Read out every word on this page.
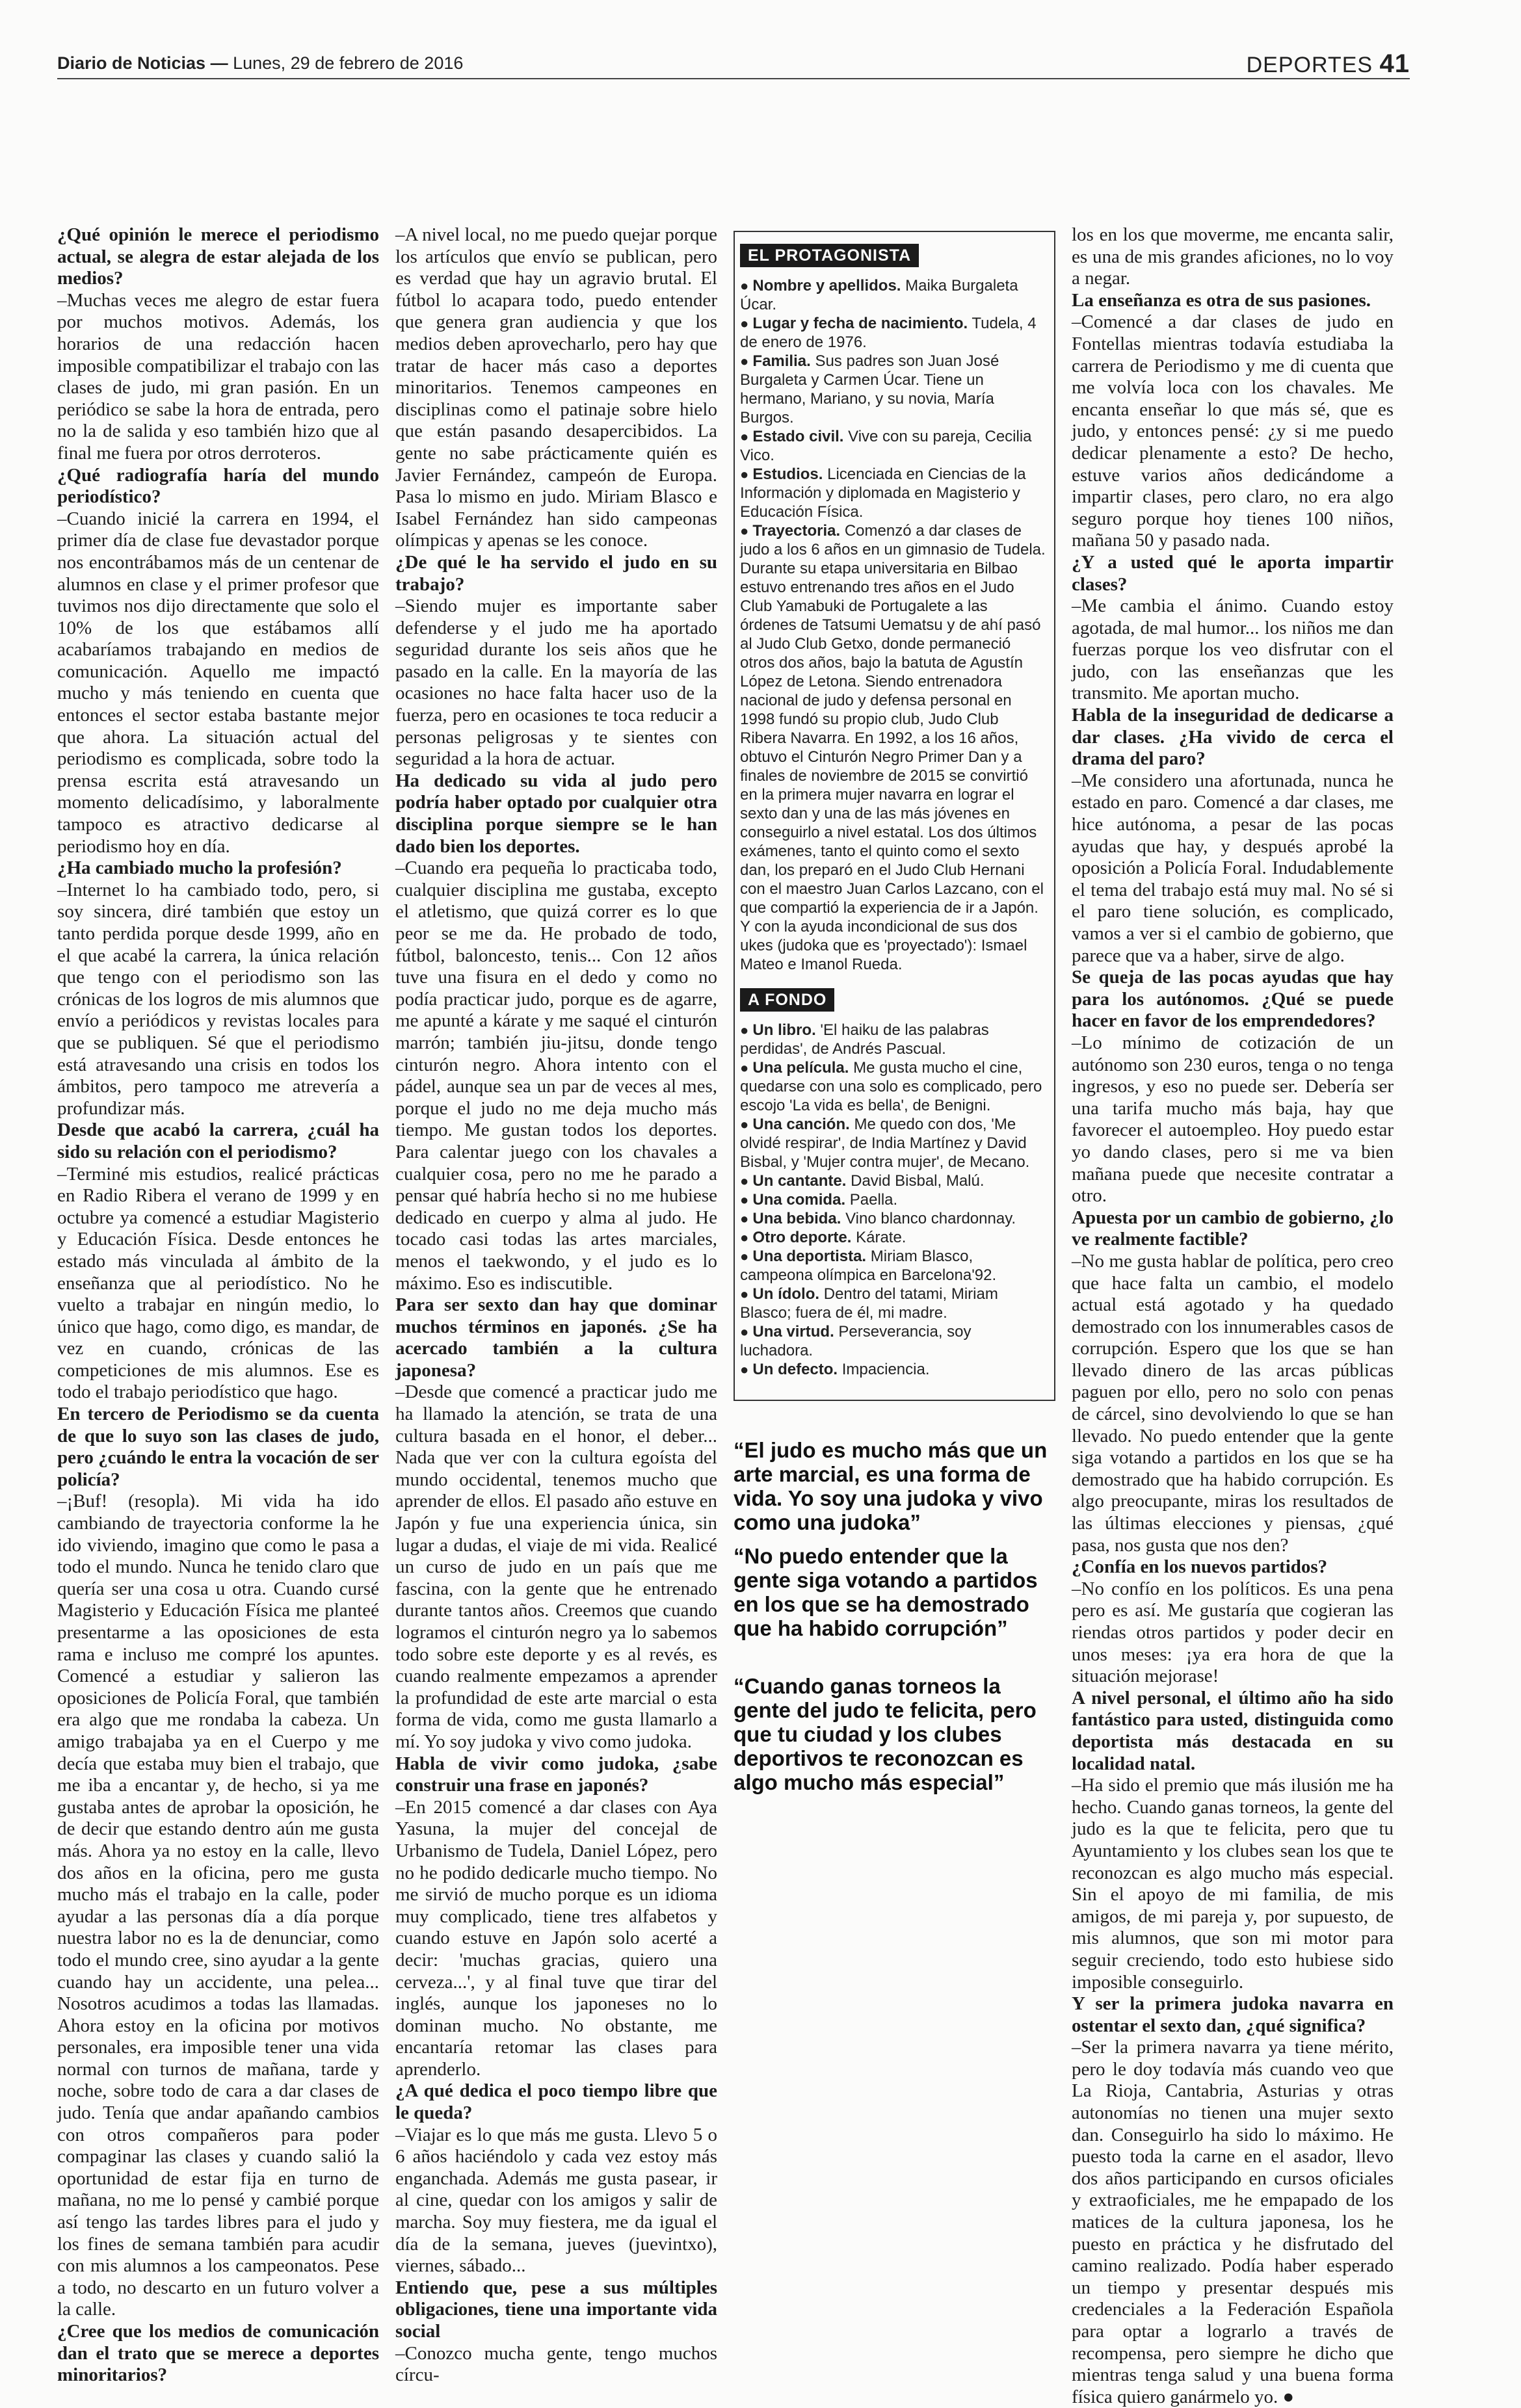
Diario de Noticias — Lunes, 29 de febrero de 2016	DEPORTES 41

¿Qué opinión le merece el periodismo actual, se alegra de estar alejada de los medios?

–Muchas veces me alegro de estar fuera por muchos motivos. Además, los horarios de una redacción hacen imposible compatibilizar el trabajo con las clases de judo, mi gran pasión. En un periódico se sabe la hora de entrada, pero no la de salida y eso también hizo que al final me fuera por otros derroteros.

¿Qué radiografía haría del mundo periodístico?

–Cuando inicié la carrera en 1994, el primer día de clase fue devastador porque nos encontrábamos más de un centenar de alumnos en clase y el primer profesor que tuvimos nos dijo directamente que solo el 10% de los que estábamos allí acabaríamos trabajando en medios de comunicación. Aquello me impactó mucho y más teniendo en cuenta que entonces el sector estaba bastante mejor que ahora. La situación actual del periodismo es complicada, sobre todo la prensa escrita está atravesando un momento delicadísimo, y laboralmente tampoco es atractivo dedicarse al periodismo hoy en día.

¿Ha cambiado mucho la profesión?

–Internet lo ha cambiado todo, pero, si soy sincera, diré también que estoy un tanto perdida porque desde 1999, año en el que acabé la carrera, la única relación que tengo con el periodismo son las crónicas de los logros de mis alumnos que envío a periódicos y revistas locales para que se publiquen. Sé que el periodismo está atravesando una crisis en todos los ámbitos, pero tampoco me atrevería a profundizar más.

Desde que acabó la carrera, ¿cuál ha sido su relación con el periodismo?

–Terminé mis estudios, realicé prácticas en Radio Ribera el verano de 1999 y en octubre ya comencé a estudiar Magisterio y Educación Física. Desde entonces he estado más vinculada al ámbito de la enseñanza que al periodístico. No he vuelto a trabajar en ningún medio, lo único que hago, como digo, es mandar, de vez en cuando, crónicas de las competiciones de mis alumnos. Ese es todo el trabajo periodístico que hago.

En tercero de Periodismo se da cuenta de que lo suyo son las clases de judo, pero ¿cuándo le entra la vocación de ser policía?

–¡Buf! (resopla). Mi vida ha ido cambiando de trayectoria conforme la he ido viviendo, imagino que como le pasa a todo el mundo. Nunca he tenido claro que quería ser una cosa u otra. Cuando cursé Magisterio y Educación Física me planteé presentarme a las oposiciones de esta rama e incluso me compré los apuntes. Comencé a estudiar y salieron las oposiciones de Policía Foral, que también era algo que me rondaba la cabeza. Un amigo trabajaba ya en el Cuerpo y me decía que estaba muy bien el trabajo, que me iba a encantar y, de hecho, si ya me gustaba antes de aprobar la oposición, he de decir que estando dentro aún me gusta más. Ahora ya no estoy en la calle, llevo dos años en la oficina, pero me gusta mucho más el trabajo en la calle, poder ayudar a las personas día a día porque nuestra labor no es la de denunciar, como todo el mundo cree, sino ayudar a la gente cuando hay un accidente, una pelea... Nosotros acudimos a todas las llamadas. Ahora estoy en la oficina por motivos personales, era imposible tener una vida normal con turnos de mañana, tarde y noche, sobre todo de cara a dar clases de judo. Tenía que andar apañando cambios con otros compañeros para poder compaginar las clases y cuando salió la oportunidad de estar fija en turno de mañana, no me lo pensé y cambié porque así tengo las tardes libres para el judo y los fines de semana también para acudir con mis alumnos a los campeonatos. Pese a todo, no descarto en un futuro volver a la calle.

¿Cree que los medios de comunicación dan el trato que se merece a deportes minoritarios?

–A nivel local, no me puedo quejar porque los artículos que envío se publican, pero es verdad que hay un agravio brutal. El fútbol lo acapara todo, puedo entender que genera gran audiencia y que los medios deben aprovecharlo, pero hay que tratar de hacer más caso a deportes minoritarios. Tenemos campeones en disciplinas como el patinaje sobre hielo que están pasando desapercibidos. La gente no sabe prácticamente quién es Javier Fernández, campeón de Europa. Pasa lo mismo en judo. Miriam Blasco e Isabel Fernández han sido campeonas olímpicas y apenas se les conoce.

¿De qué le ha servido el judo en su trabajo?

–Siendo mujer es importante saber defenderse y el judo me ha aportado seguridad durante los seis años que he pasado en la calle. En la mayoría de las ocasiones no hace falta hacer uso de la fuerza, pero en ocasiones te toca reducir a personas peligrosas y te sientes con seguridad a la hora de actuar.

Ha dedicado su vida al judo pero podría haber optado por cualquier otra disciplina porque siempre se le han dado bien los deportes.

–Cuando era pequeña lo practicaba todo, cualquier disciplina me gustaba, excepto el atletismo, que quizá correr es lo que peor se me da. He probado de todo, fútbol, baloncesto, tenis... Con 12 años tuve una fisura en el dedo y como no podía practicar judo, porque es de agarre, me apunté a kárate y me saqué el cinturón marrón; también jiu-jitsu, donde tengo cinturón negro. Ahora intento con el pádel, aunque sea un par de veces al mes, porque el judo no me deja mucho más tiempo. Me gustan todos los deportes. Para calentar juego con los chavales a cualquier cosa, pero no me he parado a pensar qué habría hecho si no me hubiese dedicado en cuerpo y alma al judo. He tocado casi todas las artes marciales, menos el taekwondo, y el judo es lo máximo. Eso es indiscutible.

Para ser sexto dan hay que dominar muchos términos en japonés. ¿Se ha acercado también a la cultura japonesa?

–Desde que comencé a practicar judo me ha llamado la atención, se trata de una cultura basada en el honor, el deber... Nada que ver con la cultura egoísta del mundo occidental, tenemos mucho que aprender de ellos. El pasado año estuve en Japón y fue una experiencia única, sin lugar a dudas, el viaje de mi vida. Realicé un curso de judo en un país que me fascina, con la gente que he entrenado durante tantos años. Creemos que cuando logramos el cinturón negro ya lo sabemos todo sobre este deporte y es al revés, es cuando realmente empezamos a aprender la profundidad de este arte marcial o esta forma de vida, como me gusta llamarlo a mí. Yo soy judoka y vivo como judoka.

Habla de vivir como judoka, ¿sabe construir una frase en japonés?

–En 2015 comencé a dar clases con Aya Yasuna, la mujer del concejal de Urbanismo de Tudela, Daniel López, pero no he podido dedicarle mucho tiempo. No me sirvió de mucho porque es un idioma muy complicado, tiene tres alfabetos y cuando estuve en Japón solo acerté a decir: 'muchas gracias, quiero una cerveza...', y al final tuve que tirar del inglés, aunque los japoneses no lo dominan mucho. No obstante, me encantaría retomar las clases para aprenderlo.

¿A qué dedica el poco tiempo libre que le queda?

–Viajar es lo que más me gusta. Llevo 5 o 6 años haciéndolo y cada vez estoy más enganchada. Además me gusta pasear, ir al cine, quedar con los amigos y salir de marcha. Soy muy fiestera, me da igual el día de la semana, jueves (juevintxo), viernes, sábado...

Entiendo que, pese a sus múltiples obligaciones, tiene una importante vida social

–Conozco mucha gente, tengo muchos círcu-

EL PROTAGONISTA

● Nombre y apellidos. Maika Burgaleta Úcar.

● Lugar y fecha de nacimiento. Tudela, 4 de enero de 1976.

● Familia. Sus padres son Juan José Burgaleta y Carmen Úcar. Tiene un hermano, Mariano, y su novia, María Burgos.

● Estado civil. Vive con su pareja, Cecilia Vico.

● Estudios. Licenciada en Ciencias de la Información y diplomada en Magisterio y Educación Física.

● Trayectoria. Comenzó a dar clases de judo a los 6 años en un gimnasio de Tudela. Durante su etapa universitaria en Bilbao estuvo entrenando tres años en el Judo Club Yamabuki de Portugalete a las órdenes de Tatsumi Uematsu y de ahí pasó al Judo Club Getxo, donde permaneció otros dos años, bajo la batuta de Agustín López de Letona. Siendo entrenadora nacional de judo y defensa personal en 1998 fundó su propio club, Judo Club Ribera Navarra. En 1992, a los 16 años, obtuvo el Cinturón Negro Primer Dan y a finales de noviembre de 2015 se convirtió en la primera mujer navarra en lograr el sexto dan y una de las más jóvenes en conseguirlo a nivel estatal. Los dos últimos exámenes, tanto el quinto como el sexto dan, los preparó en el Judo Club Hernani con el maestro Juan Carlos Lazcano, con el que compartió la experiencia de ir a Japón. Y con la ayuda incondicional de sus dos ukes (judoka que es 'proyectado'): Ismael Mateo e Imanol Rueda.

A FONDO

● Un libro. 'El haiku de las palabras perdidas', de Andrés Pascual.

● Una película. Me gusta mucho el cine, quedarse con una solo es complicado, pero escojo 'La vida es bella', de Benigni.

● Una canción. Me quedo con dos, 'Me olvidé respirar', de India Martínez y David Bisbal, y 'Mujer contra mujer', de Mecano.

● Un cantante. David Bisbal, Malú.

● Una comida. Paella.

● Una bebida. Vino blanco chardonnay.

● Otro deporte. Kárate.

● Una deportista. Miriam Blasco, campeona olímpica en Barcelona'92.

● Un ídolo. Dentro del tatami, Miriam Blasco; fuera de él, mi madre.

● Una virtud. Perseverancia, soy luchadora.

● Un defecto. Impaciencia.

“El judo es mucho más que un arte marcial, es una forma de vida. Yo soy una judoka y vivo como una judoka”
“No puedo entender que la gente siga votando a partidos en los que se ha demostrado que ha habido corrupción”
“Cuando ganas torneos la gente del judo te felicita, pero que tu ciudad y los clubes deportivos te reconozcan es algo mucho más especial”

los en los que moverme, me encanta salir, es una de mis grandes aficiones, no lo voy a negar.

La enseñanza es otra de sus pasiones.

–Comencé a dar clases de judo en Fontellas mientras todavía estudiaba la carrera de Periodismo y me di cuenta que me volvía loca con los chavales. Me encanta enseñar lo que más sé, que es judo, y entonces pensé: ¿y si me puedo dedicar plenamente a esto? De hecho, estuve varios años dedicándome a impartir clases, pero claro, no era algo seguro porque hoy tienes 100 niños, mañana 50 y pasado nada.

¿Y a usted qué le aporta impartir clases?

–Me cambia el ánimo. Cuando estoy agotada, de mal humor... los niños me dan fuerzas porque los veo disfrutar con el judo, con las enseñanzas que les transmito. Me aportan mucho.

Habla de la inseguridad de dedicarse a dar clases. ¿Ha vivido de cerca el drama del paro?

–Me considero una afortunada, nunca he estado en paro. Comencé a dar clases, me hice autónoma, a pesar de las pocas ayudas que hay, y después aprobé la oposición a Policía Foral. Indudablemente el tema del trabajo está muy mal. No sé si el paro tiene solución, es complicado, vamos a ver si el cambio de gobierno, que parece que va a haber, sirve de algo.

Se queja de las pocas ayudas que hay para los autónomos. ¿Qué se puede hacer en favor de los emprendedores?

–Lo mínimo de cotización de un autónomo son 230 euros, tenga o no tenga ingresos, y eso no puede ser. Debería ser una tarifa mucho más baja, hay que favorecer el autoempleo. Hoy puedo estar yo dando clases, pero si me va bien mañana puede que necesite contratar a otro.

Apuesta por un cambio de gobierno, ¿lo ve realmente factible?

–No me gusta hablar de política, pero creo que hace falta un cambio, el modelo actual está agotado y ha quedado demostrado con los innumerables casos de corrupción. Espero que los que se han llevado dinero de las arcas públicas paguen por ello, pero no solo con penas de cárcel, sino devolviendo lo que se han llevado. No puedo entender que la gente siga votando a partidos en los que se ha demostrado que ha habido corrupción. Es algo preocupante, miras los resultados de las últimas elecciones y piensas, ¿qué pasa, nos gusta que nos den?

¿Confía en los nuevos partidos?

–No confío en los políticos. Es una pena pero es así. Me gustaría que cogieran las riendas otros partidos y poder decir en unos meses: ¡ya era hora de que la situación mejorase!

A nivel personal, el último año ha sido fantástico para usted, distinguida como deportista más destacada en su localidad natal.

–Ha sido el premio que más ilusión me ha hecho. Cuando ganas torneos, la gente del judo es la que te felicita, pero que tu Ayuntamiento y los clubes sean los que te reconozcan es algo mucho más especial. Sin el apoyo de mi familia, de mis amigos, de mi pareja y, por supuesto, de mis alumnos, que son mi motor para seguir creciendo, todo esto hubiese sido imposible conseguirlo.

Y ser la primera judoka navarra en ostentar el sexto dan, ¿qué significa?

–Ser la primera navarra ya tiene mérito, pero le doy todavía más cuando veo que La Rioja, Cantabria, Asturias y otras autonomías no tienen una mujer sexto dan. Conseguirlo ha sido lo máximo. He puesto toda la carne en el asador, llevo dos años participando en cursos oficiales y extraoficiales, me he empapado de los matices de la cultura japonesa, los he puesto en práctica y he disfrutado del camino realizado. Podía haber esperado un tiempo y presentar después mis credenciales a la Federación Española para optar a lograrlo a través de recompensa, pero siempre he dicho que mientras tenga salud y una buena forma física quiero ganármelo yo. ●
